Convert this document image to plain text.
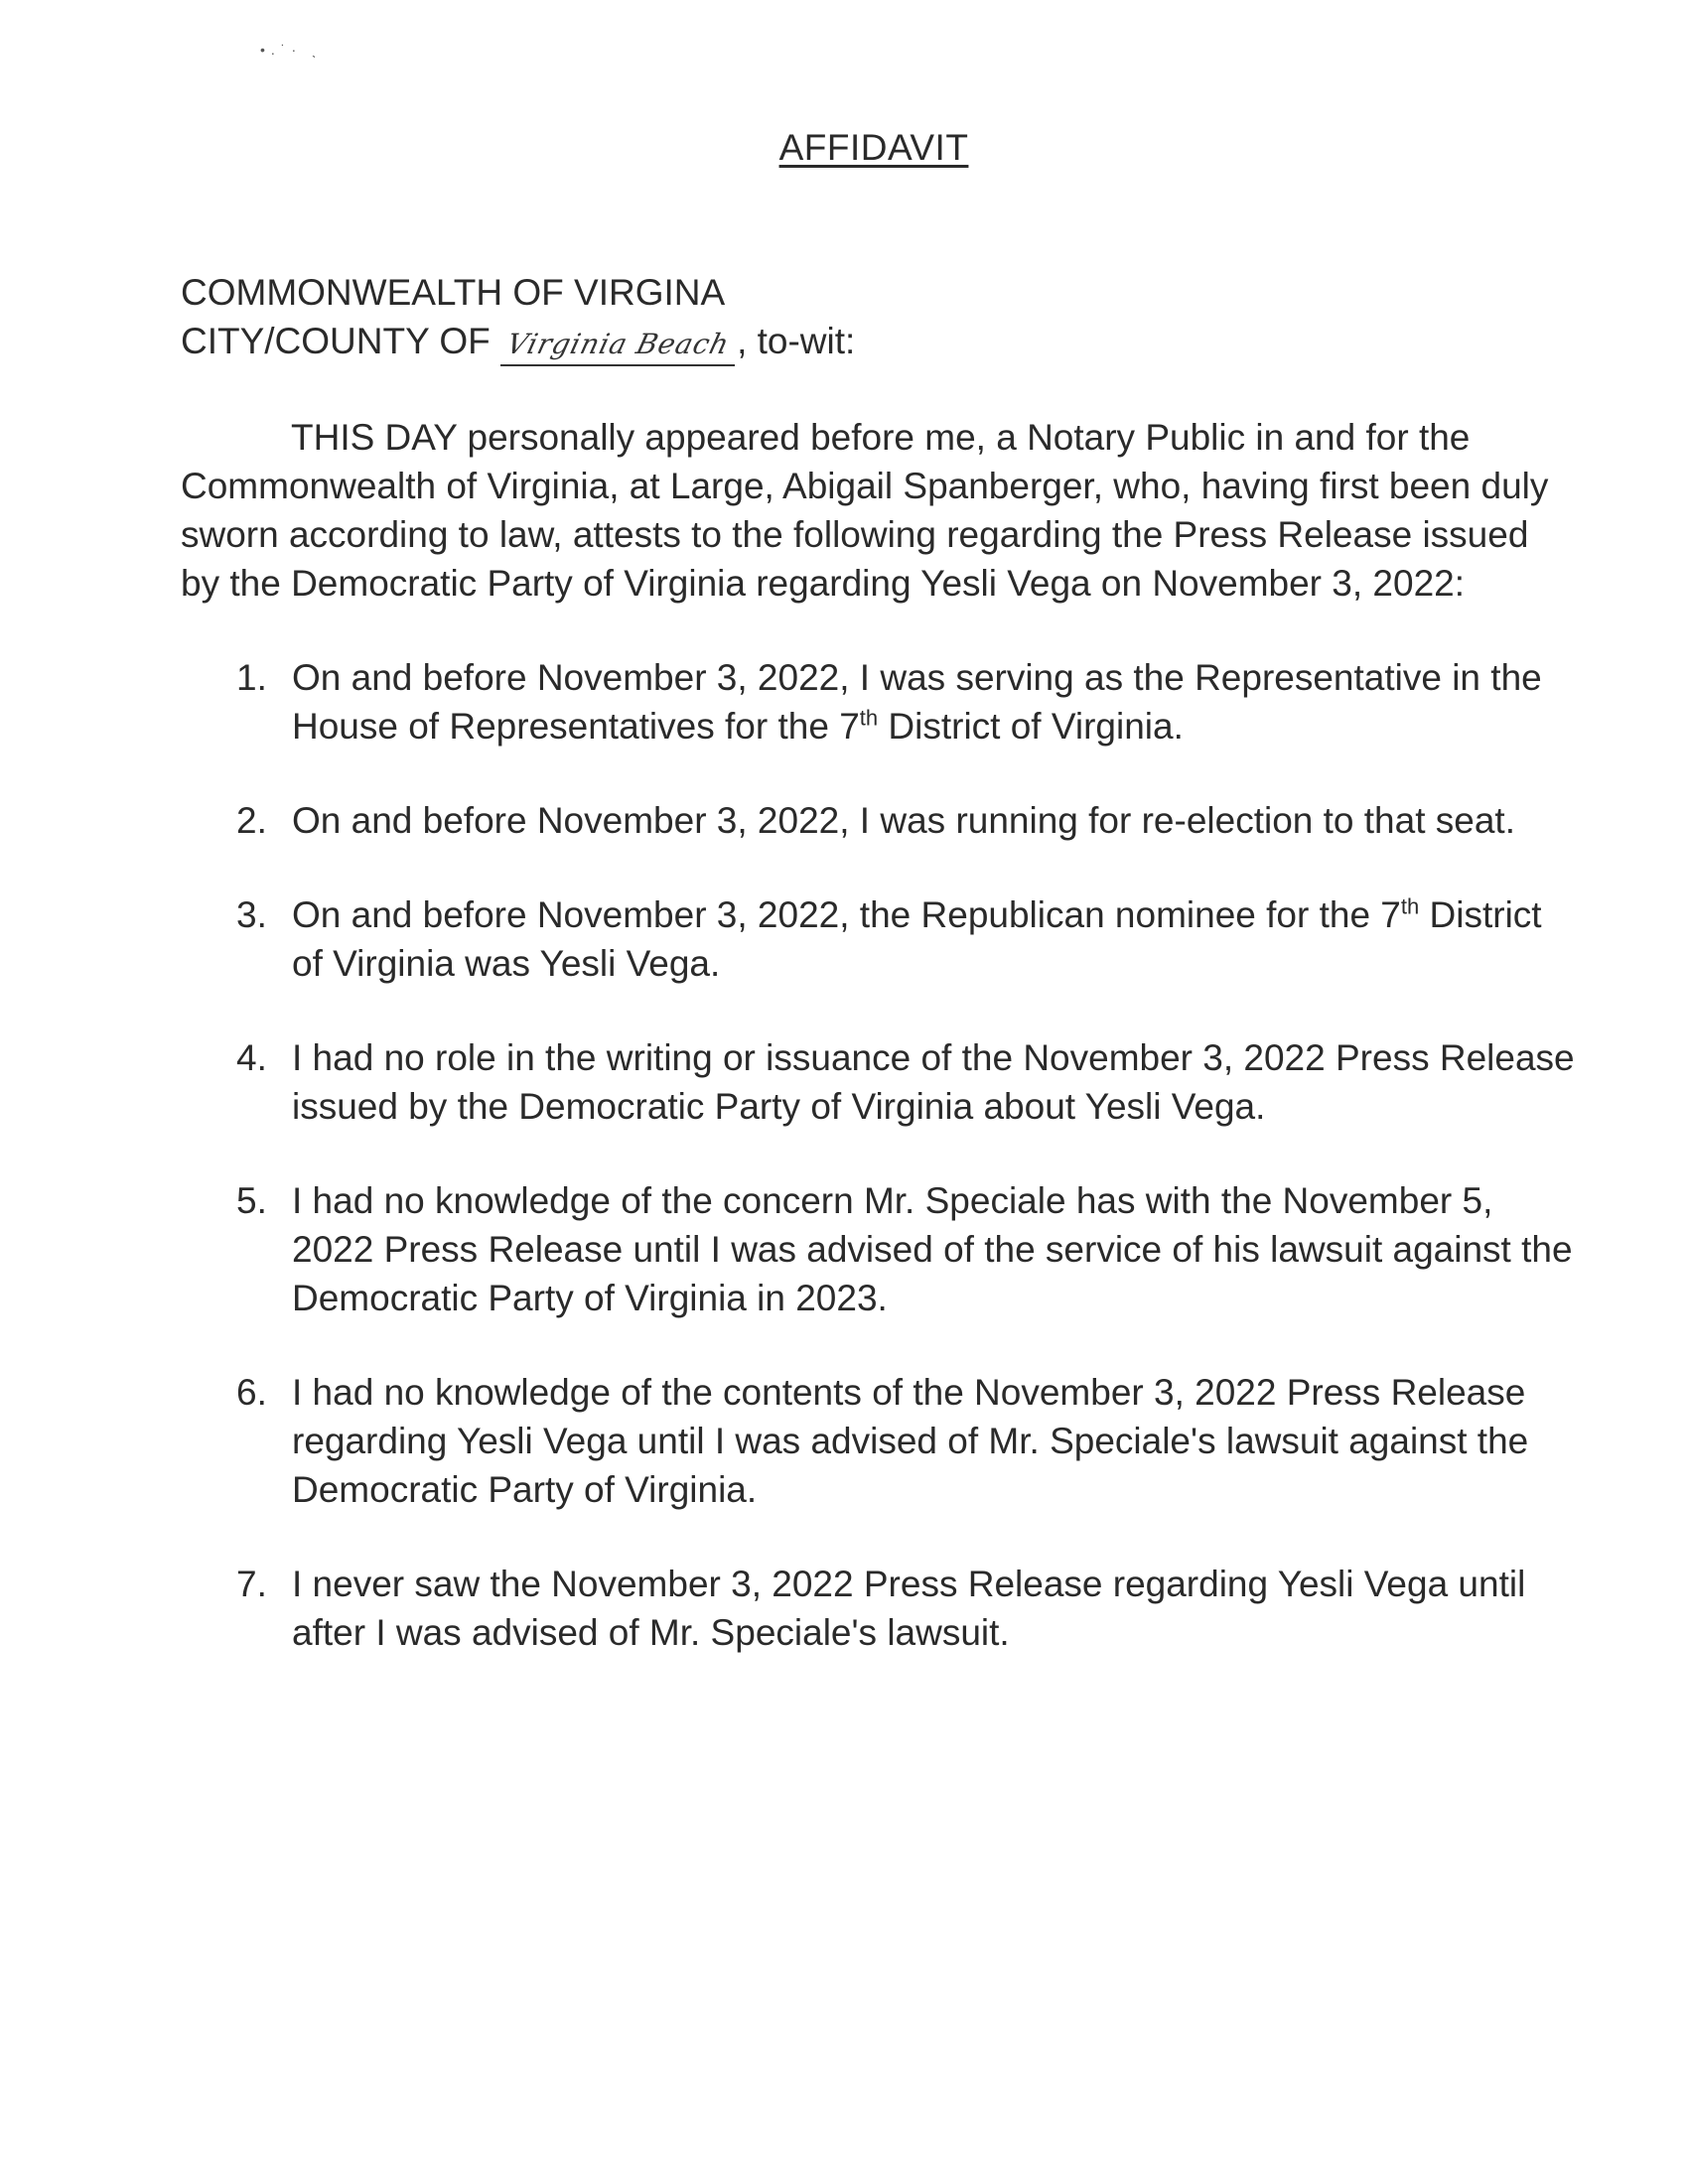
•.˙· ˎ
AFFIDAVIT
COMMONWEALTH OF VIRGINA
CITY/COUNTY OF Virginia Beach , to-wit:
THIS DAY personally appeared before me, a Notary Public in and for the Commonwealth of Virginia, at Large, Abigail Spanberger, who, having first been duly sworn according to law, attests to the following regarding the Press Release issued by the Democratic Party of Virginia regarding Yesli Vega on November 3, 2022:
1. On and before November 3, 2022, I was serving as the Representative in the House of Representatives for the 7th District of Virginia.
2. On and before November 3, 2022, I was running for re-election to that seat.
3. On and before November 3, 2022, the Republican nominee for the 7th District of Virginia was Yesli Vega.
4. I had no role in the writing or issuance of the November 3, 2022 Press Release issued by the Democratic Party of Virginia about Yesli Vega.
5. I had no knowledge of the concern Mr. Speciale has with the November 5, 2022 Press Release until I was advised of the service of his lawsuit against the Democratic Party of Virginia in 2023.
6. I had no knowledge of the contents of the November 3, 2022 Press Release regarding Yesli Vega until I was advised of Mr. Speciale's lawsuit against the Democratic Party of Virginia.
7. I never saw the November 3, 2022 Press Release regarding Yesli Vega until after I was advised of Mr. Speciale's lawsuit.
